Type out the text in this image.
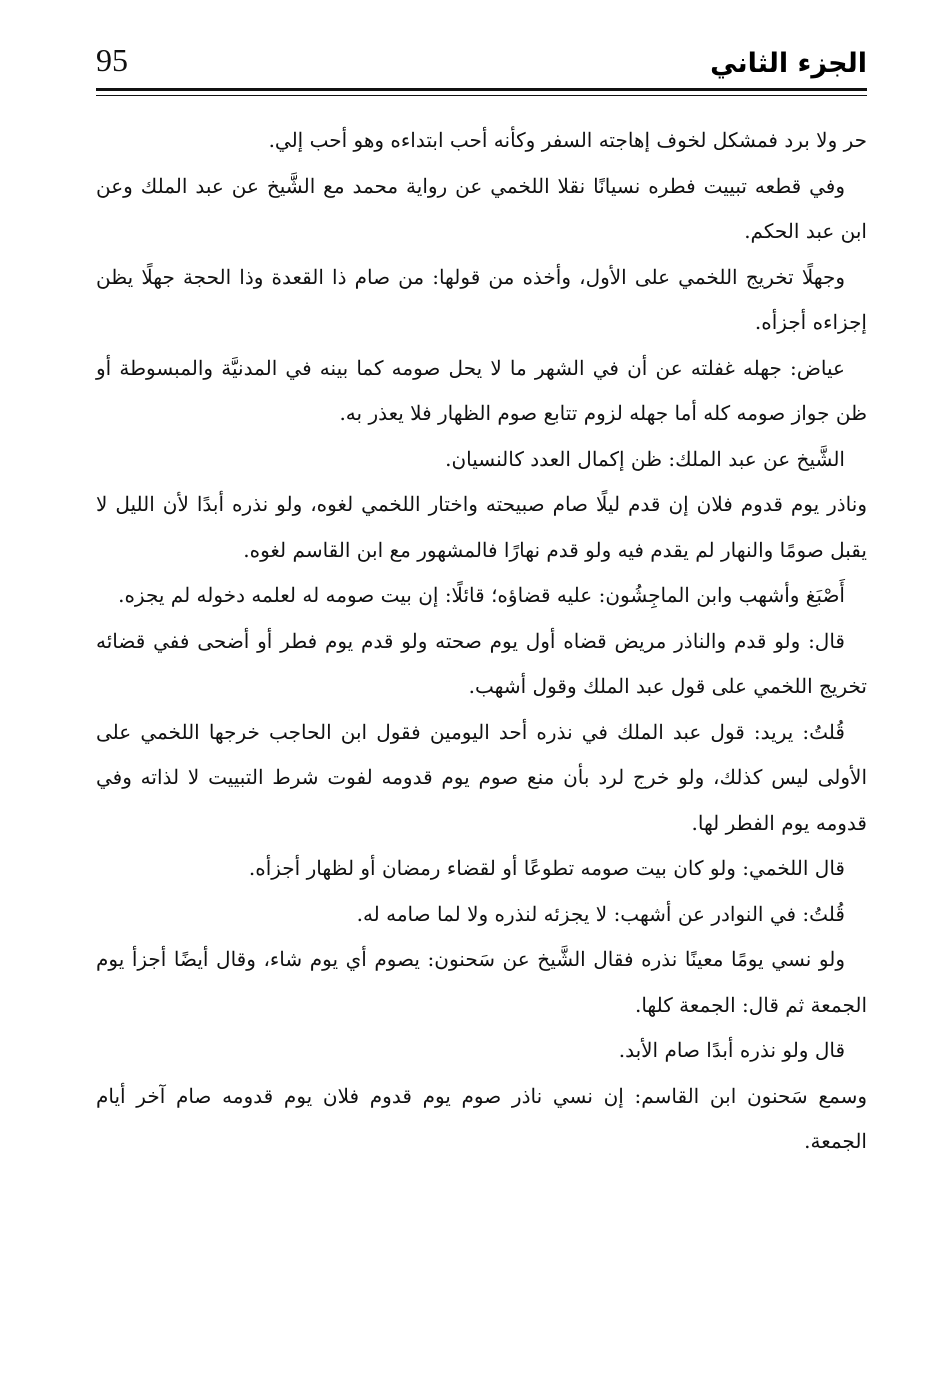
95	الجزء الثاني

حر ولا برد فمشكل لخوف إهاجته السفر وكأنه أحب ابتداءه وهو أحب إلي.

وفي قطعه تبييت فطره نسيانًا نقلا اللخمي عن رواية محمد مع الشَّيخ عن عبد الملك وعن ابن عبد الحكم.

وجهلًا تخريج اللخمي على الأول، وأخذه من قولها: من صام ذا القعدة وذا الحجة جهلًا يظن إجزاءه أجزأه.

عياض: جهله غفلته عن أن في الشهر ما لا يحل صومه كما بينه في المدنيَّة والمبسوطة أو ظن جواز صومه كله أما جهله لزوم تتابع صوم الظهار فلا يعذر به.

الشَّيخ عن عبد الملك: ظن إكمال العدد كالنسيان.

وناذر يوم قدوم فلان إن قدم ليلًا صام صبيحته واختار اللخمي لغوه، ولو نذره أبدًا لأن الليل لا يقبل صومًا والنهار لم يقدم فيه ولو قدم نهارًا فالمشهور مع ابن القاسم لغوه.

أَصْبَغ وأشهب وابن الماجِشُون: عليه قضاؤه؛ قائلًا: إن بيت صومه له لعلمه دخوله لم يجزه.

قال: ولو قدم والناذر مريض قضاه أول يوم صحته ولو قدم يوم فطر أو أضحى ففي قضائه تخريج اللخمي على قول عبد الملك وقول أشهب.

قُلتُ: يريد: قول عبد الملك في نذره أحد اليومين فقول ابن الحاجب خرجها اللخمي على الأولى ليس كذلك، ولو خرج لرد بأن منع صوم يوم قدومه لفوت شرط التبييت لا لذاته وفي قدومه يوم الفطر لها.

قال اللخمي: ولو كان بيت صومه تطوعًا أو لقضاء رمضان أو لظهار أجزأه.

قُلتُ: في النوادر عن أشهب: لا يجزئه لنذره ولا لما صامه له.

ولو نسي يومًا معينًا نذره فقال الشَّيخ عن سَحنون: يصوم أي يوم شاء، وقال أيضًا أجزأ يوم الجمعة ثم قال: الجمعة كلها.

قال ولو نذره أبدًا صام الأبد.

وسمع سَحنون ابن القاسم: إن نسي ناذر صوم يوم قدوم فلان يوم قدومه صام آخر أيام الجمعة.
